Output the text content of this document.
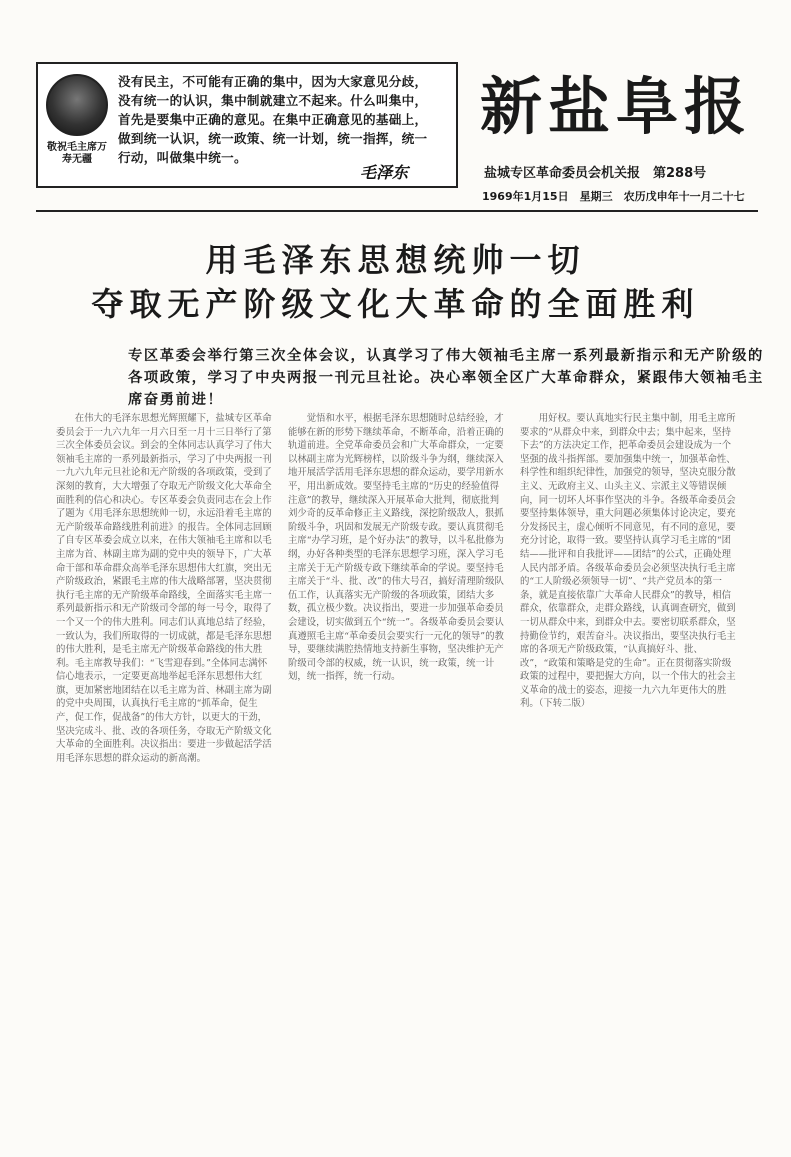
敬祝毛主席万寿无疆
没有民主，不可能有正确的集中，因为大家意见分歧，没有统一的认识，集中制就建立不起来。什么叫集中，首先是要集中正确的意见。在集中正确意见的基础上，做到统一认识，统一政策、统一计划，统一指挥，统一行动，叫做集中统一。
毛泽东
新盐阜报
盐城专区革命委员会机关报　第288号
1969年1月15日　星期三　农历戊申年十一月二十七
用毛泽东思想统帅一切
夺取无产阶级文化大革命的全面胜利
专区革委会举行第三次全体会议，认真学习了伟大领袖毛主席一系列最新指示和无产阶级的各项政策，学习了中央两报一刊元旦社论。决心率领全区广大革命群众，紧跟伟大领袖毛主席奋勇前进！

在伟大的毛泽东思想光辉照耀下，盐城专区革命委员会于一九六九年一月六日至一月十三日举行了第三次全体委员会议。到会的全体同志认真学习了伟大领袖毛主席的一系列最新指示，学习了中央两报一刊一九六九年元旦社论和无产阶级的各项政策，受到了深刻的教育，大大增强了夺取无产阶级文化大革命全面胜利的信心和决心。专区革委会负责同志在会上作了题为《用毛泽东思想统帅一切，永远沿着毛主席的无产阶级革命路线胜利前进》的报告。全体同志回顾了自专区革委会成立以来，在伟大领袖毛主席和以毛主席为首、林副主席为副的党中央的领导下，广大革命干部和革命群众高举毛泽东思想伟大红旗，突出无产阶级政治，紧跟毛主席的伟大战略部署，坚决贯彻执行毛主席的无产阶级革命路线，全面落实毛主席一系列最新指示和无产阶级司令部的每一号令，取得了一个又一个的伟大胜利。同志们认真地总结了经验，一致认为，我们所取得的一切成就，都是毛泽东思想的伟大胜利，是毛主席无产阶级革命路线的伟大胜利。毛主席教导我们：“飞雪迎春到。”全体同志满怀信心地表示，一定要更高地举起毛泽东思想伟大红旗，更加紧密地团结在以毛主席为首、林副主席为副的党中央周围，认真执行毛主席的“抓革命，促生产，促工作，促战备”的伟大方针，以更大的干劲，坚决完成斗、批、改的各项任务，夺取无产阶级文化大革命的全面胜利。决议指出：要进一步做起活学活用毛泽东思想的群众运动的新高潮。

觉悟和水平，根据毛泽东思想随时总结经验，才能够在新的形势下继续革命，不断革命，沿着正确的轨道前进。全党革命委员会和广大革命群众，一定要以林副主席为光辉榜样，以阶级斗争为纲，继续深入地开展活学活用毛泽东思想的群众运动，要学用新水平，用出新成效。要坚持毛主席的“历史的经验值得注意”的教导，继续深入开展革命大批判，彻底批判刘少奇的反革命修正主义路线，深挖阶级敌人，狠抓阶级斗争，巩固和发展无产阶级专政。要认真贯彻毛主席“办学习班，是个好办法”的教导，以斗私批修为纲，办好各种类型的毛泽东思想学习班，深入学习毛主席关于无产阶级专政下继续革命的学说。要坚持毛主席关于“斗、批、改”的伟大号召，搞好清理阶级队伍工作，认真落实无产阶级的各项政策，团结大多数，孤立极少数。决议指出，要进一步加强革命委员会建设，切实做到五个“统一”。各级革命委员会要认真遵照毛主席“革命委员会要实行一元化的领导”的教导，要继续满腔热情地支持新生事物，坚决维护无产阶级司令部的权威，统一认识，统一政策，统一计划，统一指挥，统一行动。

用好权。要认真地实行民主集中制，用毛主席所要求的“从群众中来，到群众中去；集中起来，坚持下去”的方法决定工作，把革命委员会建设成为一个坚强的战斗指挥部。要加强集中统一，加强革命性、科学性和组织纪律性，加强党的领导，坚决克服分散主义、无政府主义、山头主义、宗派主义等错误倾向，同一切坏人坏事作坚决的斗争。各级革命委员会要坚持集体领导，重大问题必须集体讨论决定，要充分发扬民主，虚心倾听不同意见，有不同的意见，要充分讨论，取得一致。要坚持认真学习毛主席的“团结——批评和自我批评——团结”的公式，正确处理人民内部矛盾。各级革命委员会必须坚决执行毛主席的“工人阶级必须领导一切”、“共产党员本的第一条，就是直接依靠广大革命人民群众”的教导，相信群众，依靠群众，走群众路线，认真调查研究，做到一切从群众中来，到群众中去。要密切联系群众，坚持勤俭节约，艰苦奋斗。决议指出，要坚决执行毛主席的各项无产阶级政策，“认真搞好斗、批、改”，“政策和策略是党的生命”。正在贯彻落实阶级政策的过程中，要把握大方向，以一个伟大的社会主义革命的战士的姿态，迎接一九六九年更伟大的胜利。（下转二版）
